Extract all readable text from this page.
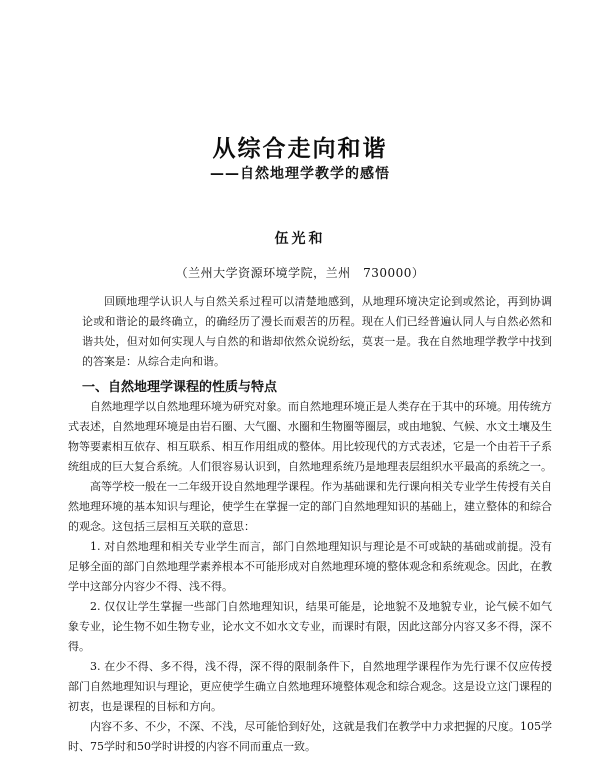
从综合走向和谐
——自然地理学教学的感悟
伍光和
（兰州大学资源环境学院，兰州　730000）

回顾地理学认识人与自然关系过程可以清楚地感到，从地理环境决定论到或然论，再到协调论或和谐论的最终确立，的确经历了漫长而艰苦的历程。现在人们已经普遍认同人与自然必然和谐共处，但对如何实现人与自然的和谐却依然众说纷纭，莫衷一是。我在自然地理学教学中找到的答案是：从综合走向和谐。

一、自然地理学课程的性质与特点

自然地理学以自然地理环境为研究对象。而自然地理环境正是人类存在于其中的环境。用传统方式表述，自然地理环境是由岩石圈、大气圈、水圈和生物圈等圈层，或由地貌、气候、水文土壤及生物等要素相互依存、相互联系、相互作用组成的整体。用比较现代的方式表述，它是一个由若干子系统组成的巨大复合系统。人们很容易认识到，自然地理系统乃是地理表层组织水平最高的系统之一。

高等学校一般在一二年级开设自然地理学课程。作为基础课和先行课向相关专业学生传授有关自然地理环境的基本知识与理论，使学生在掌握一定的部门自然地理知识的基础上，建立整体的和综合的观念。这包括三层相互关联的意思：

1. 对自然地理和相关专业学生而言，部门自然地理知识与理论是不可或缺的基础或前提。没有足够全面的部门自然地理学素养根本不可能形成对自然地理环境的整体观念和系统观念。因此，在教学中这部分内容少不得、浅不得。

2. 仅仅让学生掌握一些部门自然地理知识，结果可能是，论地貌不及地貌专业，论气候不如气象专业，论生物不如生物专业，论水文不如水文专业，而课时有限，因此这部分内容又多不得，深不得。

3. 在少不得、多不得，浅不得，深不得的限制条件下，自然地理学课程作为先行课不仅应传授部门自然地理知识与理论，更应使学生确立自然地理环境整体观念和综合观念。这是设立这门课程的初衷，也是课程的目标和方向。

内容不多、不少，不深、不浅，尽可能恰到好处，这就是我们在教学中力求把握的尺度。105学时、75学时和50学时讲授的内容不同而重点一致。
